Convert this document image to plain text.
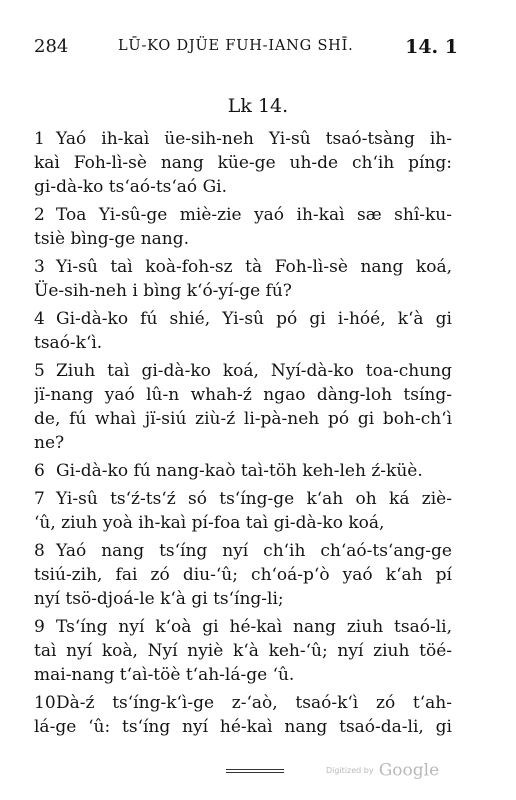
284	LŪ-KO DJÜE FUH-IANG SHĪ.	14. 1
Lk 14.
1 Yaó ih-kaì üe-sih-neh Yi-sû tsaó-tsàng ih-
kaì Foh-lì-sè nang küe-ge uh-de ch‘ih píng:
gi-dà-ko ts‘aó-ts‘aó Gi.
2 Toa Yi-sû-ge miè-zie yaó ih-kaì sæ shî-ku-
tsiè bìng-ge nang.
3 Yi-sû taì koà-foh-sz tà Foh-lì-sè nang koá,
Üe-sih-neh i bìng k‘ó-yí-ge fú?
4 Gi-dà-ko fú shié, Yi-sû pó gi i-hóé, k‘à gi
tsaó-k‘ì.
5 Ziuh taì gi-dà-ko koá, Nyí-dà-ko toa-chung
jï-nang yaó lû-n whah-ź ngao dàng-loh tsíng-
de, fú whaì jï-siú ziù-ź li-pà-neh pó gi boh-ch‘ì
ne?
6 Gi-dà-ko fú nang-kaò taì-töh keh-leh ź-küè.
7 Yi-sû ts‘ź-ts‘ź só ts‘íng-ge k‘ah oh ká ziè-
‘û, ziuh yoà ih-kaì pí-foa taì gi-dà-ko koá,
8 Yaó nang ts‘íng nyí ch‘ih ch‘aó-ts‘ang-ge
tsiú-zih, fai zó diu-‘û; ch‘oá-p‘ò yaó k‘ah pí
nyí tsö-djoá-le k‘à gi ts‘íng-li;
9 Ts‘íng nyí k‘oà gi hé-kaì nang ziuh tsaó-li,
taì nyí koà, Nyí nyiè k‘à keh-‘û; nyí ziuh töé-
mai-nang t‘aì-töè t‘ah-lá-ge ‘û.
10 Dà-ź ts‘íng-k‘ì-ge z-‘aò, tsaó-k‘ì zó t‘ah-
lá-ge ‘û: ts‘íng nyí hé-kaì nang tsaó-da-li, gi
Digitized by Google
